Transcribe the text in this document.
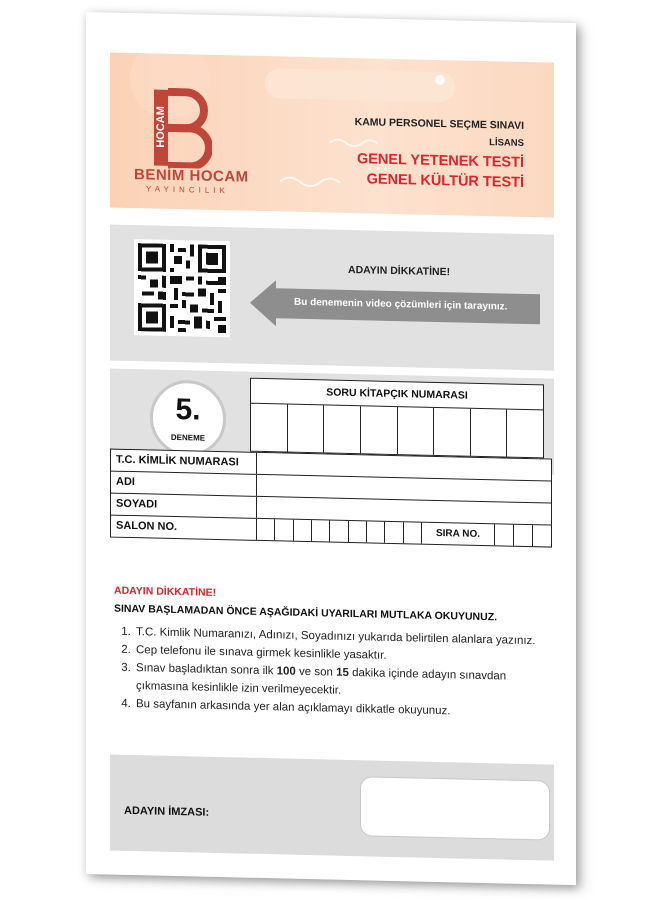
HOCAM
BENİM HOCAM
YAYINCILIK
KAMU PERSONEL SEÇME SINAVI
LİSANS
GENEL YETENEK TESTİ
GENEL KÜLTÜR TESTİ
ADAYIN DİKKATİNE!
Bu denemenin video çözümleri için tarayınız.
5.
DENEME
SORU KİTAPÇIK NUMARASI
T.C. KİMLİK NUMARASI
ADI
SOYADI
SALON NO.
SIRA NO.
ADAYIN DİKKATİNE!
SINAV BAŞLAMADAN ÖNCE AŞAĞIDAKİ UYARILARI MUTLAKA OKUYUNUZ.
1. T.C. Kimlik Numaranızı, Adınızı, Soyadınızı yukarıda belirtilen alanlara yazınız.
2. Cep telefonu ile sınava girmek kesinlikle yasaktır.
3. Sınav başladıktan sonra ilk 100 ve son 15 dakika içinde adayın sınavdan çıkmasına kesinlikle izin verilmeyecektir.
4. Bu sayfanın arkasında yer alan açıklamayı dikkatle okuyunuz.
ADAYIN İMZASI:
